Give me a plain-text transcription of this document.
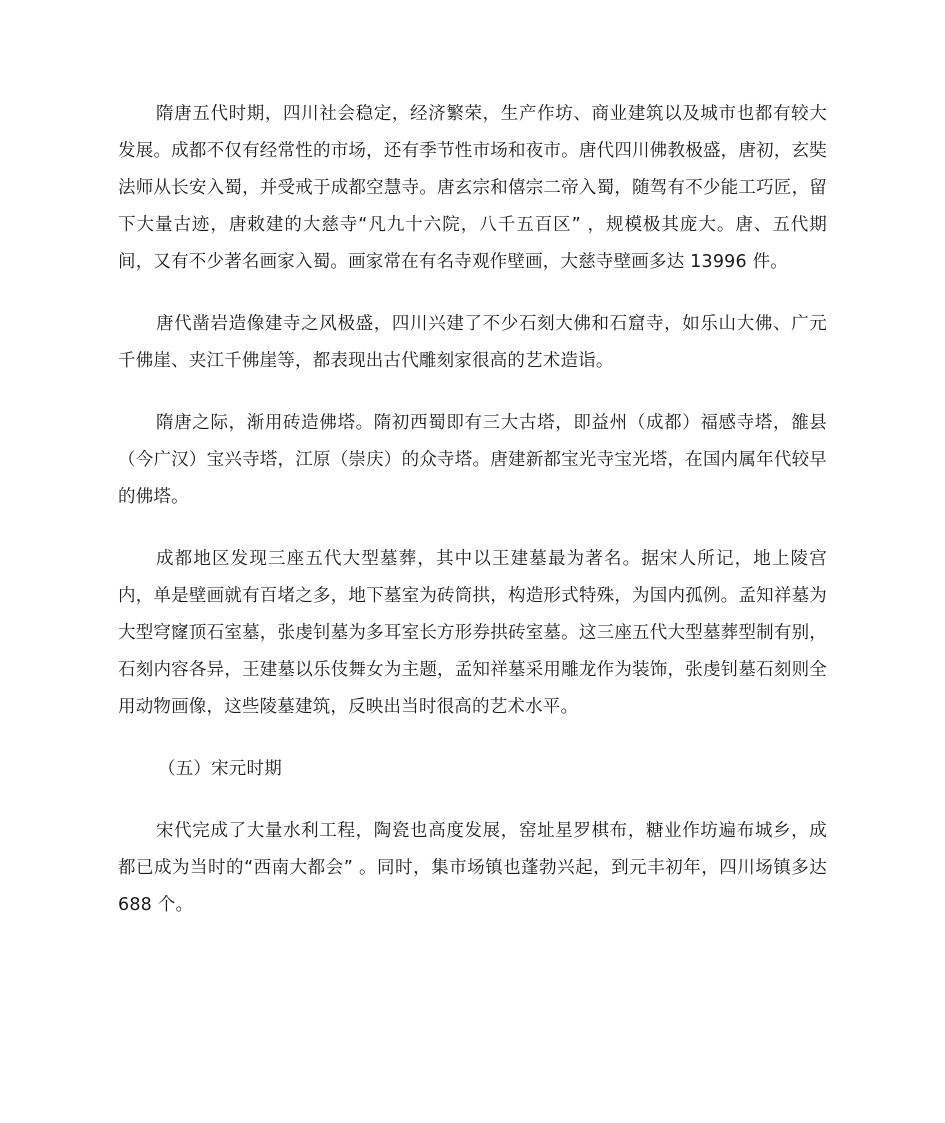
隋唐五代时期，四川社会稳定，经济繁荣，生产作坊、商业建筑以及城市也都有较大发展。成都不仅有经常性的市场，还有季节性市场和夜市。唐代四川佛教极盛，唐初，玄奘法师从长安入蜀，并受戒于成都空慧寺。唐玄宗和僖宗二帝入蜀，随驾有不少能工巧匠，留下大量古迹，唐敕建的大慈寺“凡九十六院，八千五百区” ，规模极其庞大。唐、五代期间，又有不少著名画家入蜀。画家常在有名寺观作壁画，大慈寺壁画多达 13996 件。

唐代凿岩造像建寺之风极盛，四川兴建了不少石刻大佛和石窟寺，如乐山大佛、广元千佛崖、夹江千佛崖等，都表现出古代雕刻家很高的艺术造诣。

隋唐之际，渐用砖造佛塔。隋初西蜀即有三大古塔，即益州（成都）福感寺塔，雒县（今广汉）宝兴寺塔，江原（崇庆）的众寺塔。唐建新都宝光寺宝光塔，在国内属年代较早的佛塔。

成都地区发现三座五代大型墓葬，其中以王建墓最为著名。据宋人所记，地上陵宫内，单是壁画就有百堵之多，地下墓室为砖筒拱，构造形式特殊，为国内孤例。孟知祥墓为大型穹窿顶石室墓，张虔钊墓为多耳室长方形券拱砖室墓。这三座五代大型墓葬型制有别，石刻内容各异，王建墓以乐伎舞女为主题，孟知祥墓采用雕龙作为装饰，张虔钊墓石刻则全用动物画像，这些陵墓建筑，反映出当时很高的艺术水平。

（五）宋元时期

宋代完成了大量水利工程，陶瓷也高度发展，窑址星罗棋布，糖业作坊遍布城乡，成都已成为当时的“西南大都会” 。同时，集市场镇也蓬勃兴起，到元丰初年，四川场镇多达 688 个。
